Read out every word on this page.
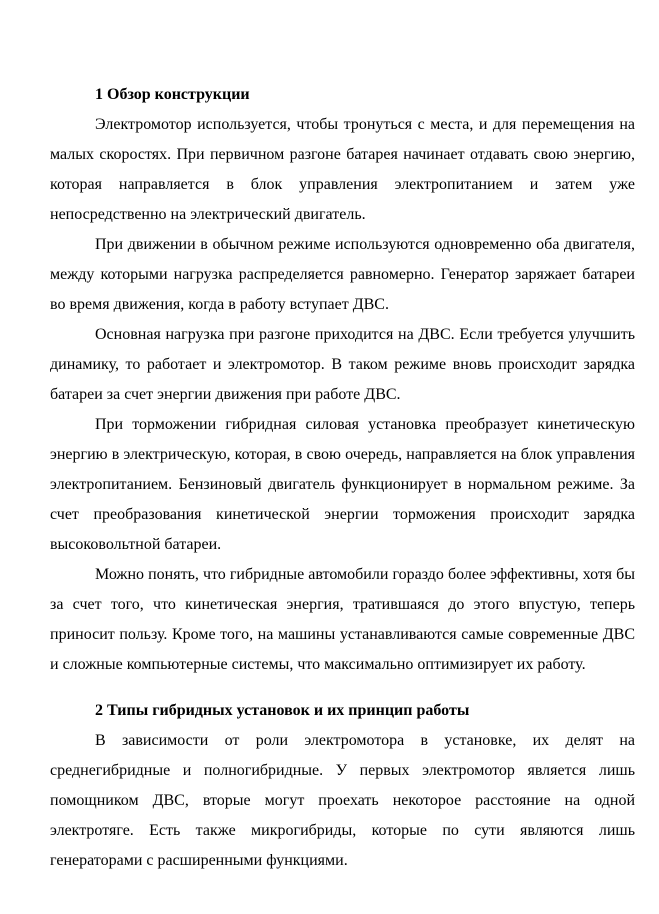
1 Обзор конструкции

Электромотор используется, чтобы тронуться с места, и для перемещения на малых скоростях. При первичном разгоне батарея начинает отдавать свою энергию, которая направляется в блок управления электропитанием и затем уже непосредственно на электрический двигатель.

При движении в обычном режиме используются одновременно оба двигателя, между которыми нагрузка распределяется равномерно. Генератор заряжает батареи во время движения, когда в работу вступает ДВС.

Основная нагрузка при разгоне приходится на ДВС. Если требуется улучшить динамику, то работает и электромотор. В таком режиме вновь происходит зарядка батареи за счет энергии движения при работе ДВС.

При торможении гибридная силовая установка преобразует кинетическую энергию в электрическую, которая, в свою очередь, направляется на блок управления электропитанием. Бензиновый двигатель функционирует в нормальном режиме. За счет преобразования кинетической энергии торможения происходит зарядка высоковольтной батареи.

Можно понять, что гибридные автомобили гораздо более эффективны, хотя бы за счет того, что кинетическая энергия, тратившаяся до этого впустую, теперь приносит пользу. Кроме того, на машины устанавливаются самые современные ДВС и сложные компьютерные системы, что максимально оптимизирует их работу.

2 Типы гибридных установок и их принцип работы

В зависимости от роли электромотора в установке, их делят на среднегибридные и полногибридные. У первых электромотор является лишь помощником ДВС, вторые могут проехать некоторое расстояние на одной электротяге. Есть также микрогибриды, которые по сути являются лишь генераторами с расширенными функциями.
